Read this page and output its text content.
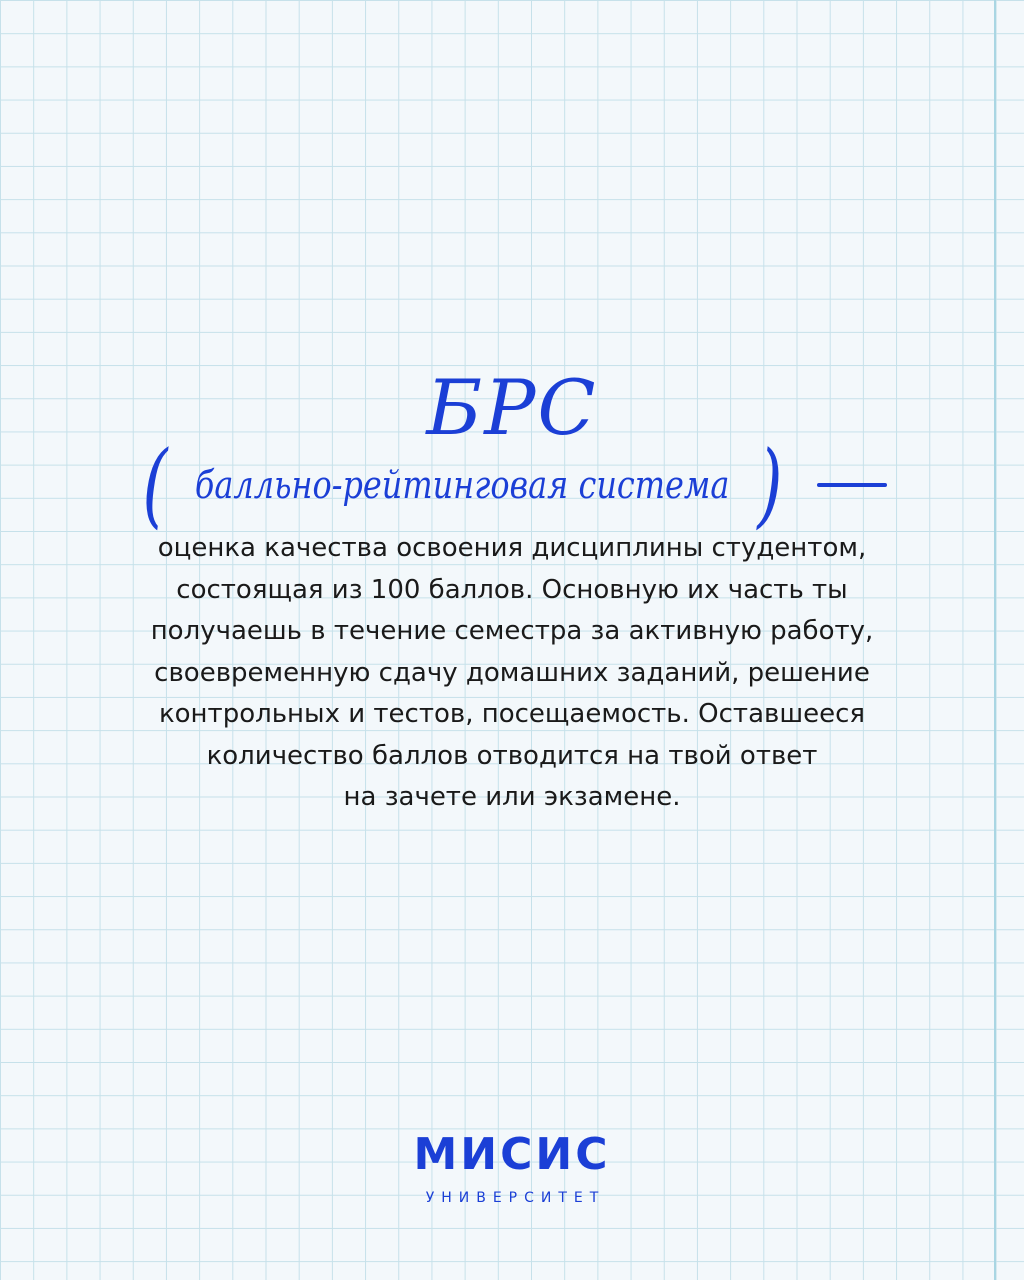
БРС
( балльно-рейтинговая система )

оценка качества освоения дисциплины студентом,
состоящая из 100 баллов. Основную их часть ты
получаешь в течение семестра за активную работу,
своевременную сдачу домашних заданий, решение
контрольных и тестов, посещаемость. Оставшееся
количество баллов отводится на твой ответ
на зачете или экзамене.

МИСИС
УНИВЕРСИТЕТ
